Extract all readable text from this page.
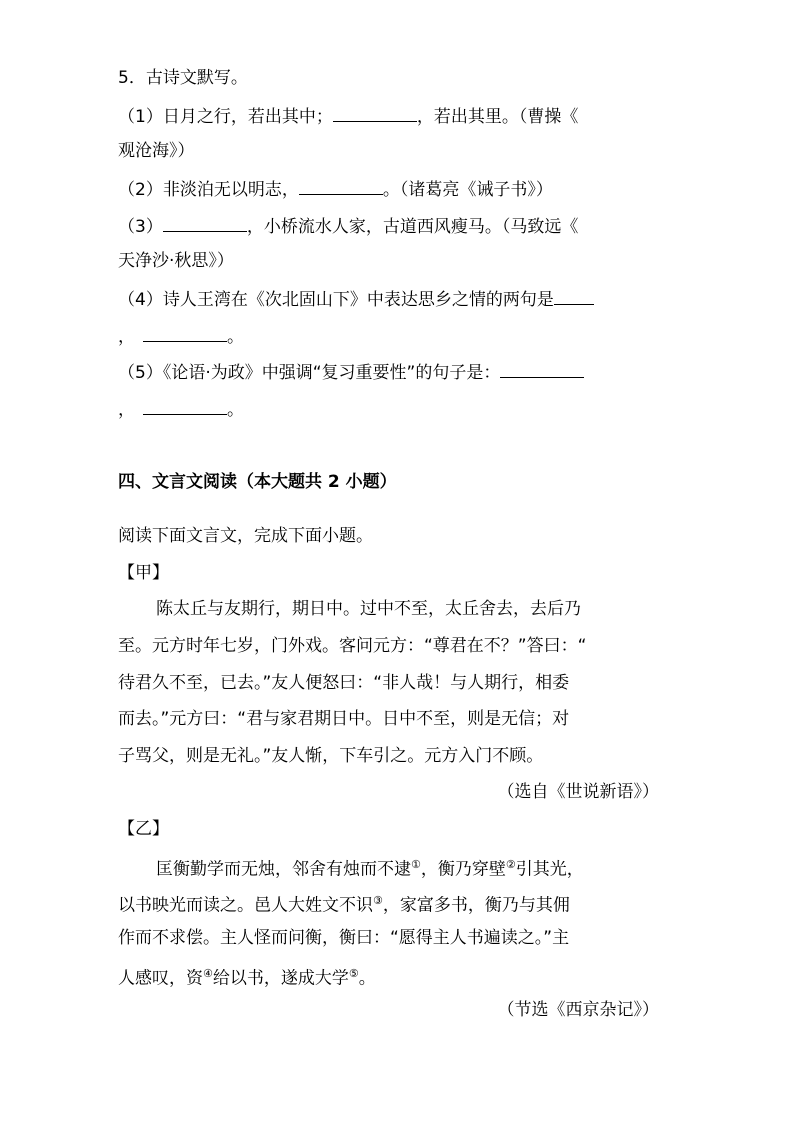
5．古诗文默写。
（1）日月之行，若出其中；	，若出其里。（曹操《
观沧海》）
（2）非淡泊无以明志，	。（诸葛亮《诫子书》）
（3）	，小桥流水人家，古道西风瘦马。（马致远《
天净沙·秋思》）
（4）诗人王湾在《次北固山下》中表达思乡之情的两句是
，	。
（5）《论语·为政》中强调“复习重要性”的句子是：
，	。
四、文言文阅读（本大题共 2 小题）
阅读下面文言文，完成下面小题。
【甲】
陈太丘与友期行，期日中。过中不至，太丘舍去，去后乃
至。元方时年七岁，门外戏。客问元方：“尊君在不？”答曰：“
待君久不至，已去。”友人便怒曰：“非人哉！与人期行，相委
而去。”元方曰：“君与家君期日中。日中不至，则是无信；对
子骂父，则是无礼。”友人惭，下车引之。元方入门不顾。
（选自《世说新语》）
【乙】
匡衡勤学而无烛，邻舍有烛而不逮①，衡乃穿壁②引其光，
以书映光而读之。邑人大姓文不识③，家富多书，衡乃与其佣
作而不求偿。主人怪而问衡，衡曰：“愿得主人书遍读之。”主
人感叹，资④给以书，遂成大学⑤。
（节选《西京杂记》）
